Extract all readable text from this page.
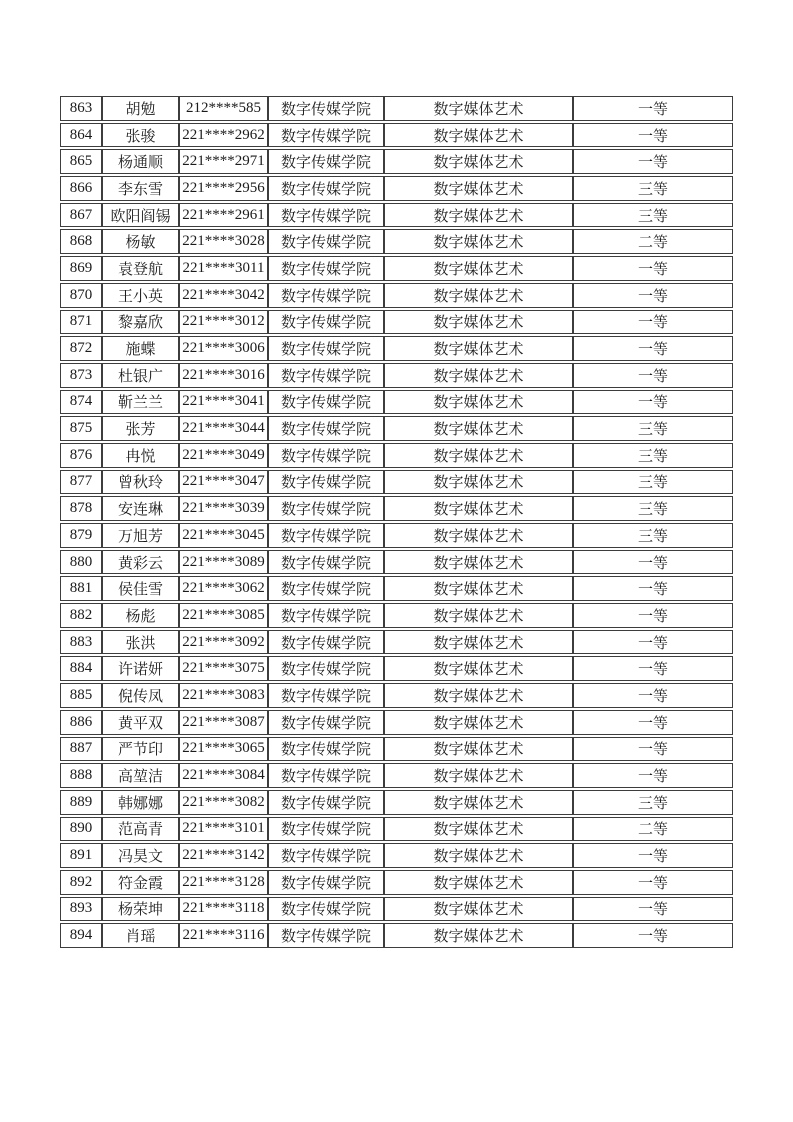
863	胡勉	212****585	数字传媒学院	数字媒体艺术	一等
864	张骏	221****2962	数字传媒学院	数字媒体艺术	一等
865	杨通顺	221****2971	数字传媒学院	数字媒体艺术	一等
866	李东雪	221****2956	数字传媒学院	数字媒体艺术	三等
867	欧阳阎锡	221****2961	数字传媒学院	数字媒体艺术	三等
868	杨敏	221****3028	数字传媒学院	数字媒体艺术	二等
869	袁登航	221****3011	数字传媒学院	数字媒体艺术	一等
870	王小英	221****3042	数字传媒学院	数字媒体艺术	一等
871	黎嘉欣	221****3012	数字传媒学院	数字媒体艺术	一等
872	施蝶	221****3006	数字传媒学院	数字媒体艺术	一等
873	杜银广	221****3016	数字传媒学院	数字媒体艺术	一等
874	靳兰兰	221****3041	数字传媒学院	数字媒体艺术	一等
875	张芳	221****3044	数字传媒学院	数字媒体艺术	三等
876	冉悦	221****3049	数字传媒学院	数字媒体艺术	三等
877	曾秋玲	221****3047	数字传媒学院	数字媒体艺术	三等
878	安连琳	221****3039	数字传媒学院	数字媒体艺术	三等
879	万旭芳	221****3045	数字传媒学院	数字媒体艺术	三等
880	黄彩云	221****3089	数字传媒学院	数字媒体艺术	一等
881	侯佳雪	221****3062	数字传媒学院	数字媒体艺术	一等
882	杨彪	221****3085	数字传媒学院	数字媒体艺术	一等
883	张洪	221****3092	数字传媒学院	数字媒体艺术	一等
884	许诺妍	221****3075	数字传媒学院	数字媒体艺术	一等
885	倪传凤	221****3083	数字传媒学院	数字媒体艺术	一等
886	黄平双	221****3087	数字传媒学院	数字媒体艺术	一等
887	严节印	221****3065	数字传媒学院	数字媒体艺术	一等
888	高堃洁	221****3084	数字传媒学院	数字媒体艺术	一等
889	韩娜娜	221****3082	数字传媒学院	数字媒体艺术	三等
890	范高青	221****3101	数字传媒学院	数字媒体艺术	二等
891	冯昊文	221****3142	数字传媒学院	数字媒体艺术	一等
892	符金霞	221****3128	数字传媒学院	数字媒体艺术	一等
893	杨荣坤	221****3118	数字传媒学院	数字媒体艺术	一等
894	肖瑶	221****3116	数字传媒学院	数字媒体艺术	一等
